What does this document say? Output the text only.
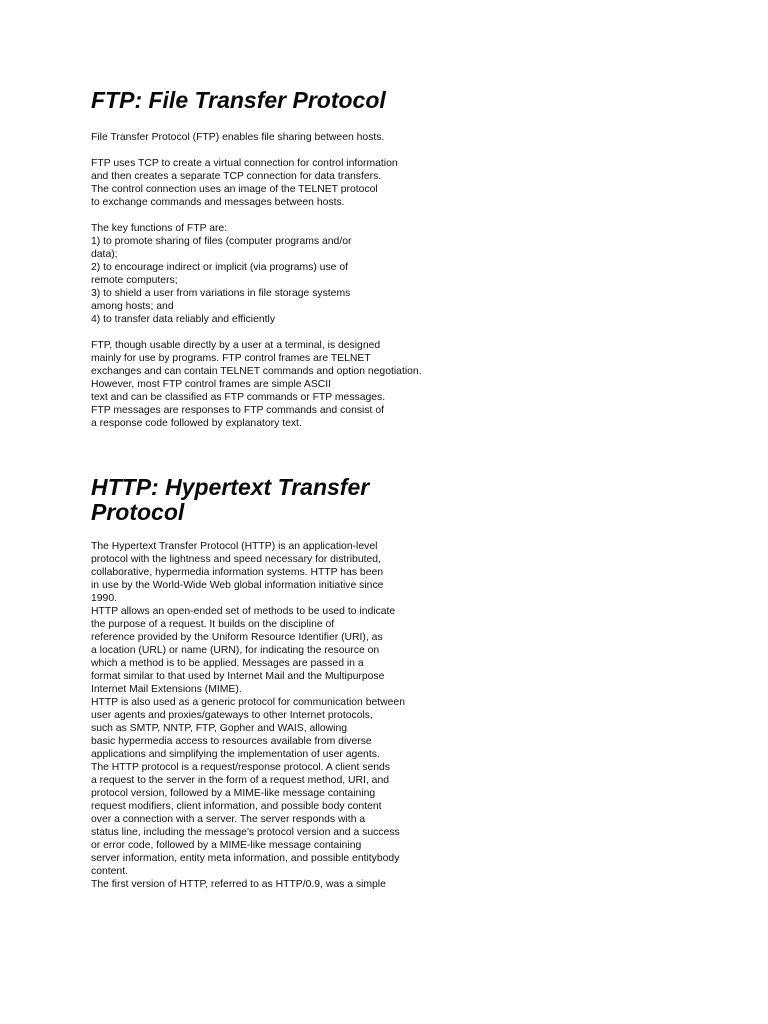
FTP: File Transfer Protocol

File Transfer Protocol (FTP) enables file sharing between hosts.

FTP uses TCP to create a virtual connection for control information
and then creates a separate TCP connection for data transfers.
The control connection uses an image of the TELNET protocol
to exchange commands and messages between hosts.

The key functions of FTP are:
1) to promote sharing of files (computer programs and/or
data);
2) to encourage indirect or implicit (via programs) use of
remote computers;
3) to shield a user from variations in file storage systems
among hosts; and
4) to transfer data reliably and efficiently

FTP, though usable directly by a user at a terminal, is designed
mainly for use by programs. FTP control frames are TELNET
exchanges and can contain TELNET commands and option negotiation.
However, most FTP control frames are simple ASCII
text and can be classified as FTP commands or FTP messages.
FTP messages are responses to FTP commands and consist of
a response code followed by explanatory text.

HTTP: Hypertext Transfer
Protocol
The Hypertext Transfer Protocol (HTTP) is an application-level
protocol with the lightness and speed necessary for distributed,
collaborative, hypermedia information systems. HTTP has been
in use by the World-Wide Web global information initiative since
1990.
HTTP allows an open-ended set of methods to be used to indicate
the purpose of a request. It builds on the discipline of
reference provided by the Uniform Resource Identifier (URI), as
a location (URL) or name (URN), for indicating the resource on
which a method is to be applied. Messages are passed in a
format similar to that used by Internet Mail and the Multipurpose
Internet Mail Extensions (MIME).
HTTP is also used as a generic protocol for communication between
user agents and proxies/gateways to other Internet protocols,
such as SMTP, NNTP, FTP, Gopher and WAIS, allowing
basic hypermedia access to resources available from diverse
applications and simplifying the implementation of user agents.
The HTTP protocol is a request/response protocol. A client sends
a request to the server in the form of a request method, URI, and
protocol version, followed by a MIME-like message containing
request modifiers, client information, and possible body content
over a connection with a server. The server responds with a
status line, including the message's protocol version and a success
or error code, followed by a MIME-like message containing
server information, entity meta information, and possible entitybody
content.
The first version of HTTP, referred to as HTTP/0.9, was a simple
